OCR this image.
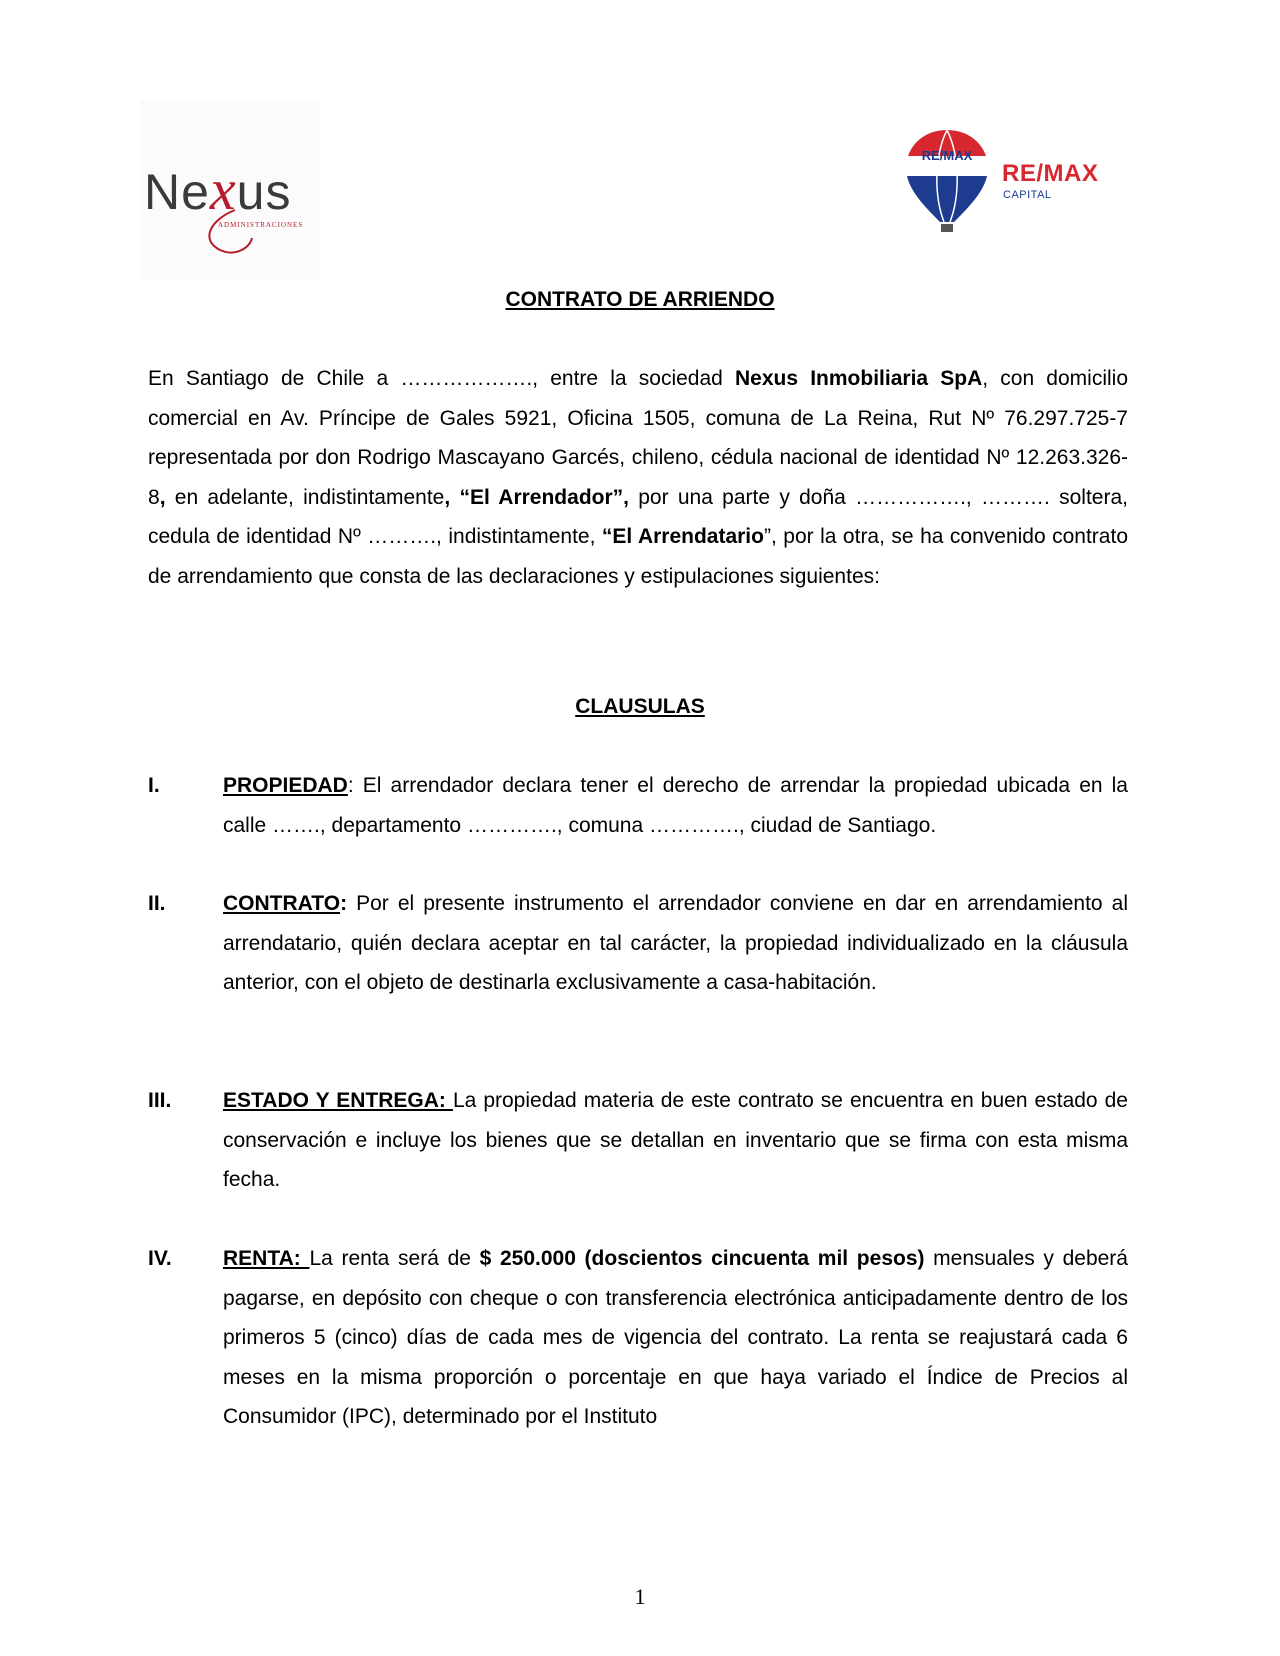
Nexus
ADMINISTRACIONES
RE/MAX
RE/MAX
CAPITAL
CONTRATO DE ARRIENDO
En Santiago de Chile a ………………., entre la sociedad Nexus Inmobiliaria SpA, con domicilio comercial en Av. Príncipe de Gales 5921, Oficina 1505, comuna de La Reina, Rut Nº 76.297.725-7 representada por don Rodrigo Mascayano Garcés, chileno, cédula nacional de identidad Nº 12.263.326-8, en adelante, indistintamente, “El Arrendador”, por una parte y doña ……………., ………. soltera, cedula de identidad Nº ………., indistintamente, “El Arrendatario”, por la otra, se ha convenido contrato de arrendamiento que consta de las declaraciones y estipulaciones siguientes:
CLAUSULAS
I.	PROPIEDAD: El arrendador declara tener el derecho de arrendar la propiedad ubicada en la calle ……., departamento …………., comuna …………., ciudad de Santiago.
II.	CONTRATO: Por el presente instrumento el arrendador conviene en dar en arrendamiento al arrendatario, quién declara aceptar en tal carácter, la propiedad individualizado en la cláusula anterior, con el objeto de destinarla exclusivamente a casa-habitación.
III. ESTADO Y ENTREGA: La propiedad materia de este contrato se encuentra en buen estado de conservación e incluye los bienes que se detallan en inventario que se firma con esta misma fecha.
IV. RENTA: La renta será de $ 250.000 (doscientos cincuenta mil pesos) mensuales y deberá pagarse, en depósito con cheque o con transferencia electrónica anticipadamente dentro de los primeros 5 (cinco) días de cada mes de vigencia del contrato. La renta se reajustará cada 6 meses en la misma proporción o porcentaje en que haya variado el Índice de Precios al Consumidor (IPC), determinado por el Instituto
1
